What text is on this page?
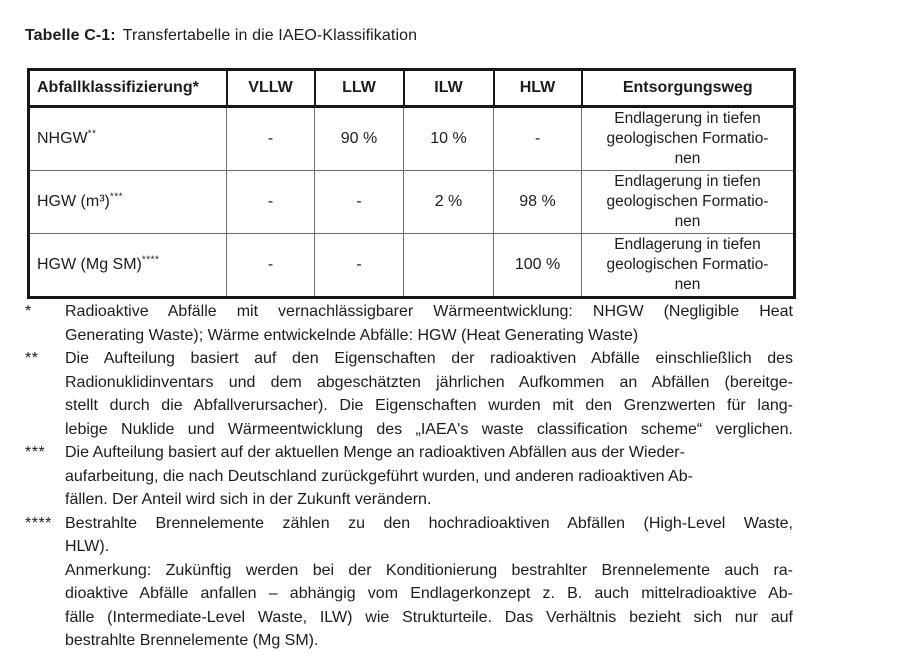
Tabelle C-1: Transfertabelle in die IAEO-Klassifikation
Abfallklassifizierung*	VLLW	LLW	ILW	HLW	Entsorgungsweg
NHGW**	-	90 %	10 %	-	Endlagerung in tiefen
geologischen Formatio-
nen
HGW (m³)***	-	-	2 %	98 %	Endlagerung in tiefen
geologischen Formatio-
nen
HGW (Mg SM)****	-	-		100 %	Endlagerung in tiefen
geologischen Formatio-
nen
* Radioaktive Abfälle mit vernachlässigbarer Wärmeentwicklung: NHGW (Negligible Heat
Generating Waste); Wärme entwickelnde Abfälle: HGW (Heat Generating Waste)
** Die Aufteilung basiert auf den Eigenschaften der radioaktiven Abfälle einschließlich des
Radionuklidinventars und dem abgeschätzten jährlichen Aufkommen an Abfällen (bereitge-
stellt durch die Abfallverursacher). Die Eigenschaften wurden mit den Grenzwerten für lang-
lebige Nuklide und Wärmeentwicklung des „IAEA's waste classification scheme“ verglichen.
*** Die Aufteilung basiert auf der aktuellen Menge an radioaktiven Abfällen aus der Wieder-
aufarbeitung, die nach Deutschland zurückgeführt wurden, und anderen radioaktiven Ab-
fällen. Der Anteil wird sich in der Zukunft verändern.
**** Bestrahlte Brennelemente zählen zu den hochradioaktiven Abfällen (High-Level Waste,
HLW).
Anmerkung: Zukünftig werden bei der Konditionierung bestrahlter Brennelemente auch ra-
dioaktive Abfälle anfallen – abhängig vom Endlagerkonzept z. B. auch mittelradioaktive Ab-
fälle (Intermediate-Level Waste, ILW) wie Strukturteile. Das Verhältnis bezieht sich nur auf
bestrahlte Brennelemente (Mg SM).
